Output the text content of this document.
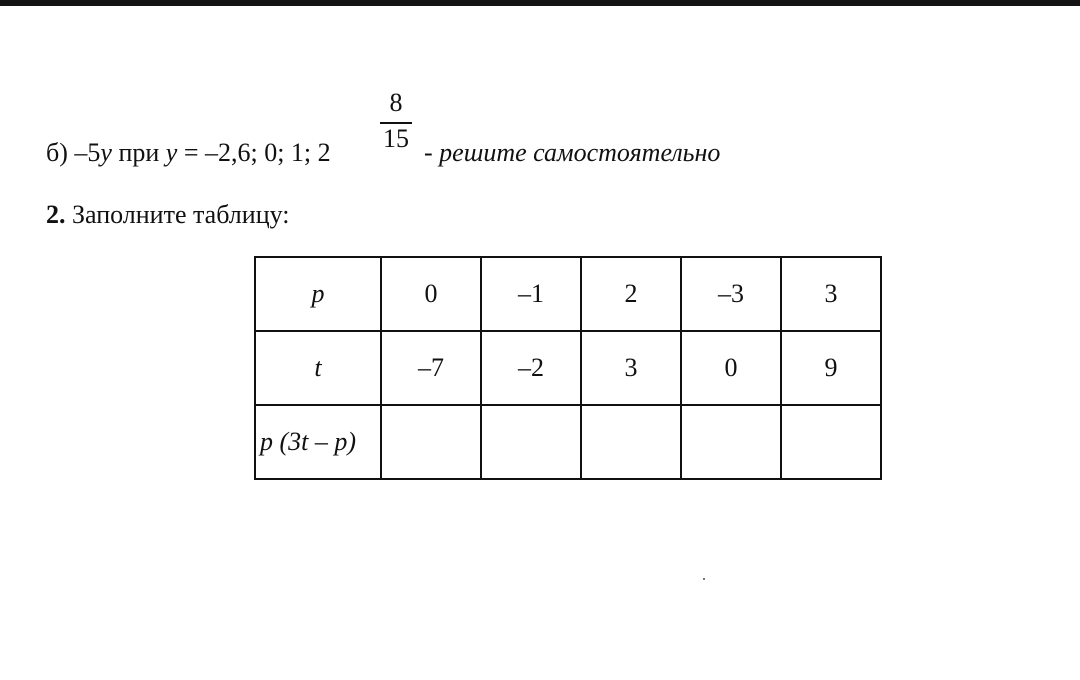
б) –5y при y = –2,6; 0; 1; 2
8
15 - решите самостоятельно
2. Заполните таблицу:
p	0	–1	2	–3	3
t	–7	–2	3	0	9
p (3t – p)					
